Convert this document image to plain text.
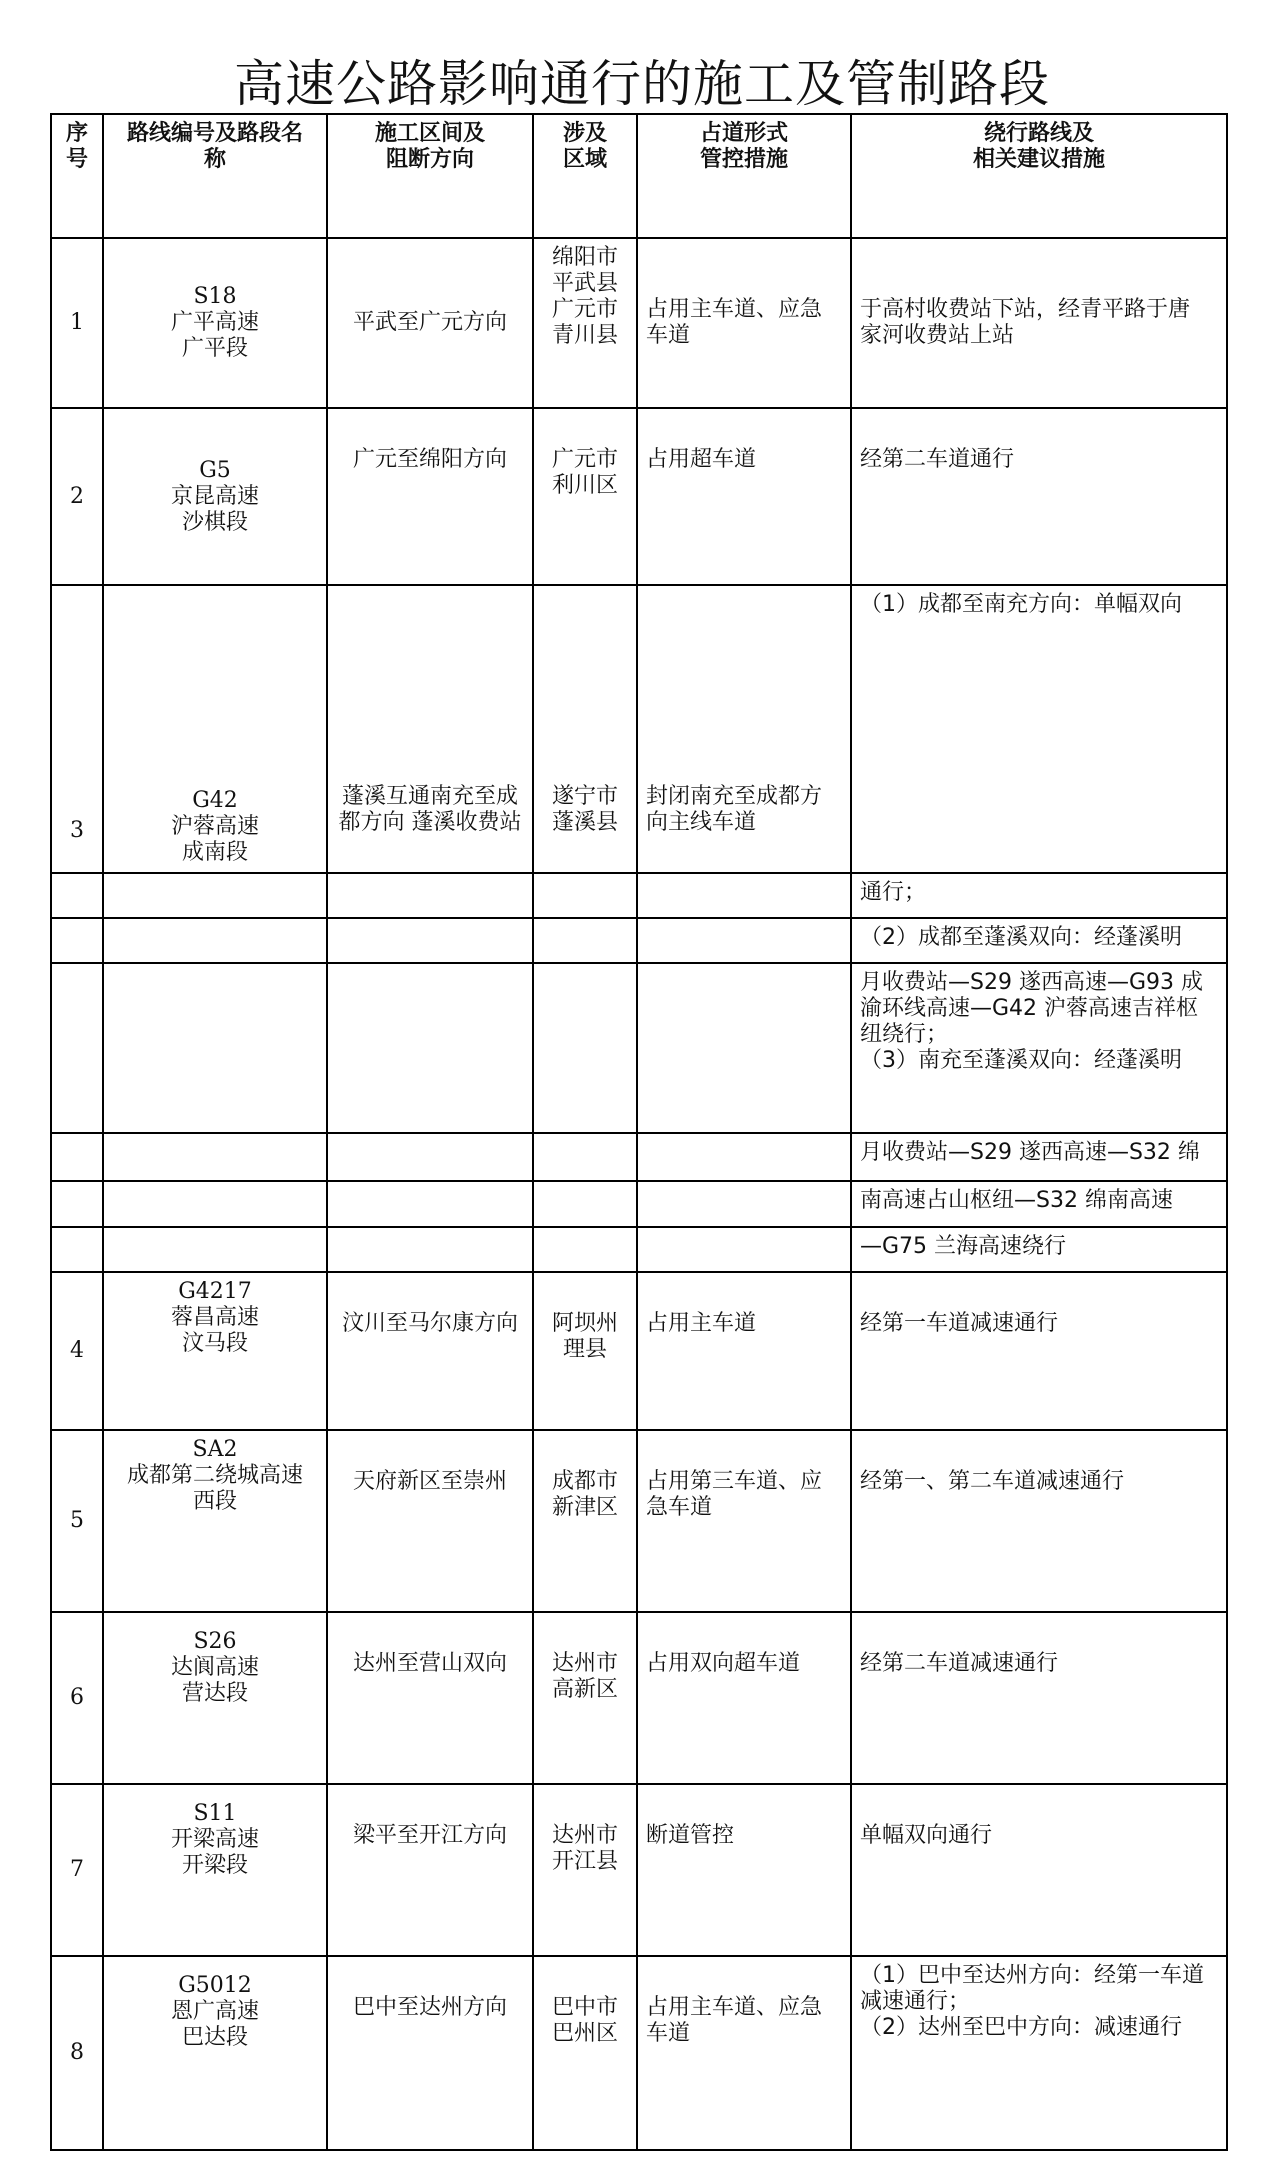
高速公路影响通行的施工及管制路段
序
号	路线编号及路段名
称	施工区间及
阻断方向	涉及
区域	占道形式
管控措施	绕行路线及
相关建议措施

1	S18
广平高速
广平段	平武至广元方向	绵阳市
平武县
广元市
青川县	占用主车道、应急车道	于高村收费站下站，经青平路于唐 家河收费站上站
2	G5
京昆高速
沙棋段	广元至绵阳方向	广元市
利川区	占用超车道	经第二车道通行
3	G42
沪蓉高速
成南段	蓬溪互通南充至成都方向 蓬溪收费站	遂宁市
蓬溪县	封闭南充至成都方向主线车道	（1）成都至南充方向：单幅双向
					通行；
					（2）成都至蓬溪双向：经蓬溪明
					月收费站—S29 遂西高速—G93 成渝环线高速—G42 沪蓉高速吉祥枢纽绕行；
（3）南充至蓬溪双向：经蓬溪明
					月收费站—S29 遂西高速—S32 绵
					南高速占山枢纽—S32 绵南高速
					—G75 兰海高速绕行
4	G4217
蓉昌高速
汶马段	汶川至马尔康方向	阿坝州
理县	占用主车道	经第一车道减速通行
5	SA2
成都第二绕城高速
西段	天府新区至崇州	成都市
新津区	占用第三车道、应急车道	经第一、第二车道减速通行
6	S26
达阆高速
营达段	达州至营山双向	达州市
高新区	占用双向超车道	经第二车道减速通行
7	S11
开梁高速
开梁段	梁平至开江方向	达州市
开江县	断道管控	单幅双向通行
8	G5012
恩广高速
巴达段	巴中至达州方向	巴中市
巴州区	占用主车道、应急车道	（1）巴中至达州方向：经第一车道减速通行；
（2）达州至巴中方向：减速通行
